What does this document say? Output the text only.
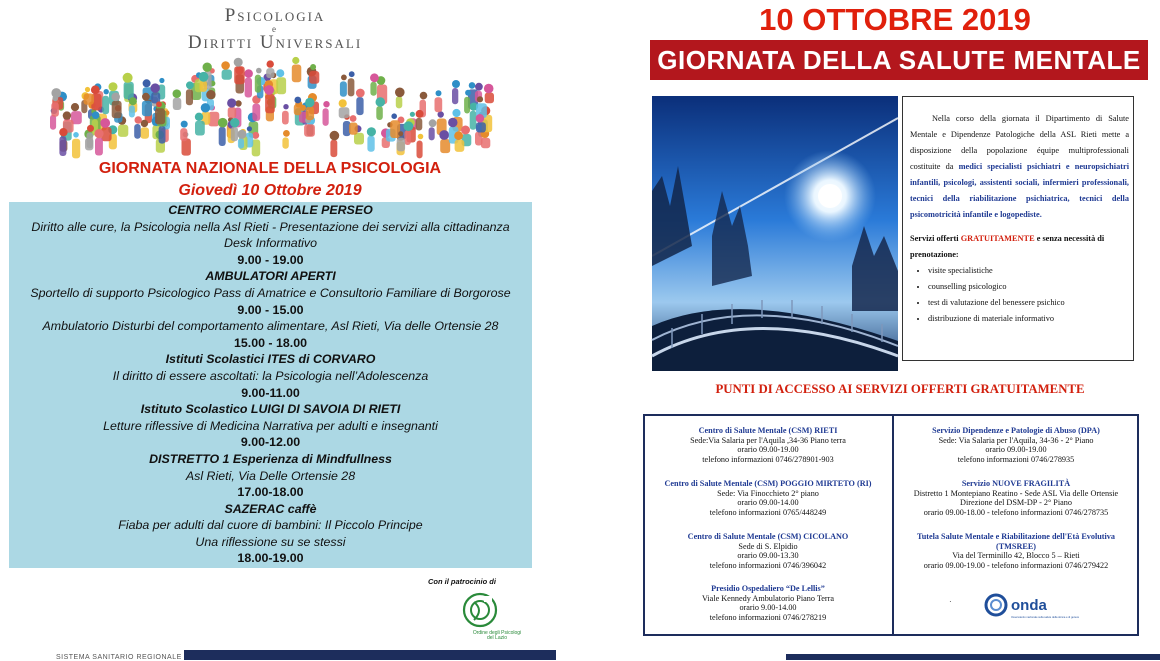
Psicologia
e
Diritti Universali
GIORNATA NAZIONALE DELLA PSICOLOGIA
Giovedì 10 Ottobre 2019
CENTRO COMMERCIALE PERSEO
Diritto alle cure, la Psicologia nella Asl Rieti - Presentazione dei servizi alla cittadinanza
Desk Informativo
9.00 - 19.00
AMBULATORI APERTI
Sportello di supporto Psicologico Pass di Amatrice e Consultorio Familiare di Borgorose
9.00 - 15.00
Ambulatorio Disturbi del comportamento alimentare, Asl Rieti, Via delle Ortensie 28
15.00 - 18.00
Istituti Scolastici ITES di CORVARO
Il diritto di essere ascoltati: la Psicologia nell’Adolescenza
9.00-11.00
Istituto Scolastico LUIGI DI SAVOIA DI RIETI
Letture riflessive di Medicina Narrativa per adulti e insegnanti
9.00-12.00
DISTRETTO 1 Esperienza di Mindfullness
Asl Rieti, Via Delle Ortensie 28
17.00-18.00
SAZERAC caffè
Fiaba per adulti dal cuore di bambini: Il Piccolo Principe
Una riflessione su se stessi
18.00-19.00
Con il patrocinio di
Ordine degli Psicologi del Lazio
SISTEMA SANITARIO REGIONALE
10 OTTOBRE 2019
GIORNATA DELLA SALUTE MENTALE
Nella corso della giornata il Dipartimento di Salute Mentale e Dipendenze Patologiche della ASL Rieti mette a disposizione della popolazione équipe multiprofessionali costituite da medici specialisti psichiatri e neuropsichiatri infantili, psicologi, assistenti sociali, infermieri professionali, tecnici della riabilitazione psichiatrica, tecnici della psicomotricità infantile e logopediste.
Servizi offerti GRATUITAMENTE e senza necessità di prenotazione:
• visite specialistiche
• counselling psicologico
• test di valutazione del benessere psichico
• distribuzione di materiale informativo
PUNTI DI ACCESSO AI SERVIZI OFFERTI GRATUITAMENTE
Centro di Salute Mentale (CSM) RIETI
Sede:Via Salaria per l'Aquila ,34-36 Piano terra
orario 09.00-19.00
telefono informazioni 0746/278901-903
Centro di Salute Mentale (CSM) POGGIO MIRTETO (RI)
Sede: Via Finocchieto 2° piano
orario 09.00-14.00
telefono informazioni 0765/448249
Centro di Salute Mentale (CSM) CICOLANO
Sede di S. Elpidio
orario 09.00-13.30
telefono informazioni 0746/396042
Presidio Ospedaliero “De Lellis”
Viale Kennedy Ambulatorio Piano Terra
orario 9.00-14.00
telefono informazioni 0746/278219
Servizio Dipendenze e Patologie di Abuso (DPA)
Sede: Via Salaria per l'Aquila, 34-36 - 2° Piano
orario 09.00-19.00
telefono informazioni 0746/278935
Servizio NUOVE FRAGILITÀ
Distretto 1 Montepiano Reatino - Sede ASL Via delle Ortensie
Direzione del DSM-DP - 2° Piano
orario 09.00-18.00 - telefono informazioni 0746/278735
Tutela Salute Mentale e Riabilitazione dell'Età Evolutiva
(TMSREE)
Via del Terminillo 42, Blocco 5 – Rieti
orario 09.00-19.00 - telefono informazioni 0746/279422
·	onda
Osservatorio nazionale sulla salute della donna e di genere
